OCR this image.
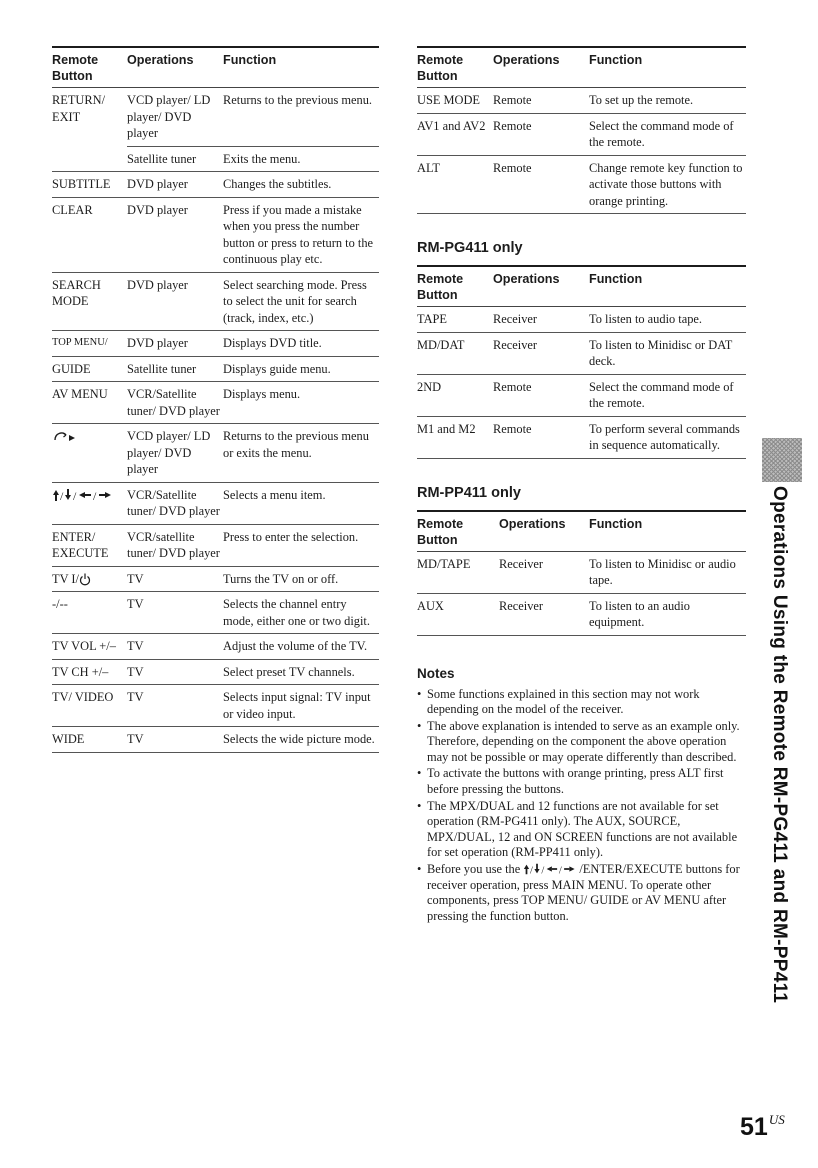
Remote Button	Operations	Function
RETURN/ EXIT	VCD player/ LD player/ DVD player	Returns to the previous menu.
	Satellite tuner	Exits the menu.
SUBTITLE	DVD player	Changes the subtitles.
CLEAR	DVD player	Press if you made a mistake when you press the number button or press to return to the continuous play etc.
SEARCH MODE	DVD player	Select searching mode. Press to select the unit for search (track, index, etc.)
TOP MENU/	DVD player	Displays DVD title.
GUIDE	Satellite tuner	Displays guide menu.
AV MENU	VCR/Satellite tuner/ DVD player	Displays menu.
	VCD player/ LD player/ DVD player	Returns to the previous menu or exits the menu.

/ / /	VCR/Satellite tuner/ DVD player	Selects a menu item.
ENTER/ EXECUTE	VCR/satellite tuner/ DVD player	Press to enter the selection.
TV I/	TV	Turns the TV on or off.
-/--	TV	Selects the channel entry mode, either one or two digit.
TV VOL +/–	TV	Adjust the volume of the TV.
TV CH +/–	TV	Select preset TV channels.
TV/ VIDEO	TV	Selects input signal: TV input or video input.
WIDE	TV	Selects the wide picture mode.
Remote Button	Operations	Function
USE MODE	Remote	To set up the remote.
AV1 and AV2	Remote	Select the command mode of the remote.
ALT	Remote	Change remote key function to activate those buttons with orange printing.
RM-PG411 only
Remote Button	Operations	Function
TAPE	Receiver	To listen to audio tape.
MD/DAT	Receiver	To listen to Minidisc or DAT deck.
2ND	Remote	Select the command mode of the remote.
M1 and M2	Remote	To perform several commands in sequence automatically.
RM-PP411 only
Remote Button	Operations	Function
MD/TAPE	Receiver	To listen to Minidisc or audio tape.
AUX	Receiver	To listen to an audio equipment.
Notes

• Some functions explained in this section may not work depending on the model of the receiver.

• The above explanation is intended to serve as an example only.

Therefore, depending on the component the above operation may not be possible or may operate differently than described.

• To activate the buttons with orange printing, press ALT first before pressing the buttons.

• The MPX/DUAL and 12 functions are not available for set operation (RM-PG411 only). The AUX, SOURCE, MPX/DUAL, 12 and ON SCREEN functions are not available for set operation (RM-PP411 only).

• Before you use the / / / /ENTER/EXECUTE buttons for receiver operation, press MAIN MENU. To operate other components, press TOP MENU/ GUIDE or AV MENU after pressing the function button.	Operations Using the Remote RM-PG411 and RM-PP411
$51^{US}$
